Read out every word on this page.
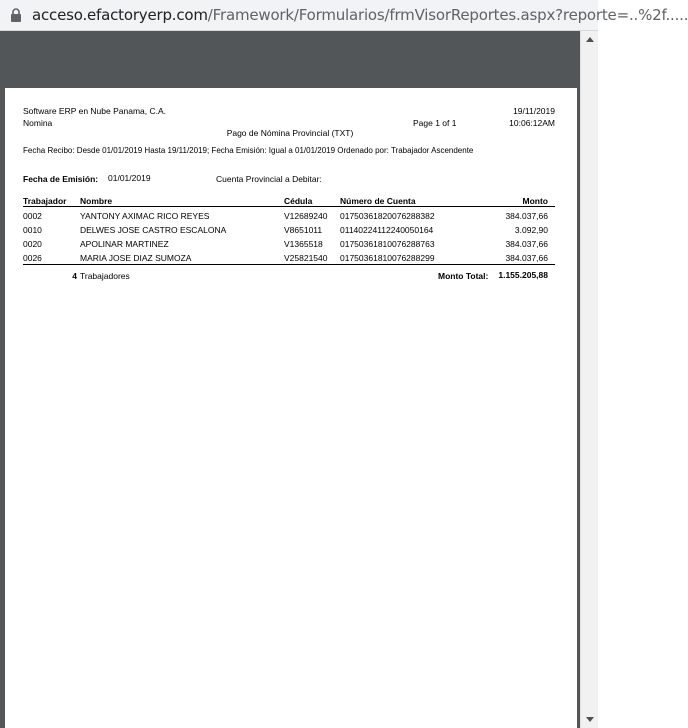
acceso.efactoryerp.com/Framework/Formularios/frmVisorReportes.aspx?reporte=..%2f.....
Software ERP en Nube Panama, C.A.
Nomina
Pago de Nómina Provincial (TXT)
Page 1 of 1
19/11/2019
10:06:12AM
Fecha Recibo: Desde 01/01/2019 Hasta 19/11/2019; Fecha Emisión: Igual a 01/01/2019 Ordenado por: Trabajador Ascendente
Fecha de Emisión: 01/01/2019	Cuenta Provincial a Debitar:
Trabajador Nombre	Cédula	Número de Cuenta	Monto
0002	YANTONY AXIMAC RICO REYES	V12689240 01750361820076288382	384.037,66
0010	DELWES JOSE CASTRO ESCALONA	V8651011 01140224112240050164	3.092,90
0020	APOLINAR MARTINEZ	V1365518 01750361810076288763	384.037,66
0026	MARIA JOSE DIAZ SUMOZA	V25821540 01750361810076288299	384.037,66
4 Trabajadores	Monto Total:	1.155.205,88
